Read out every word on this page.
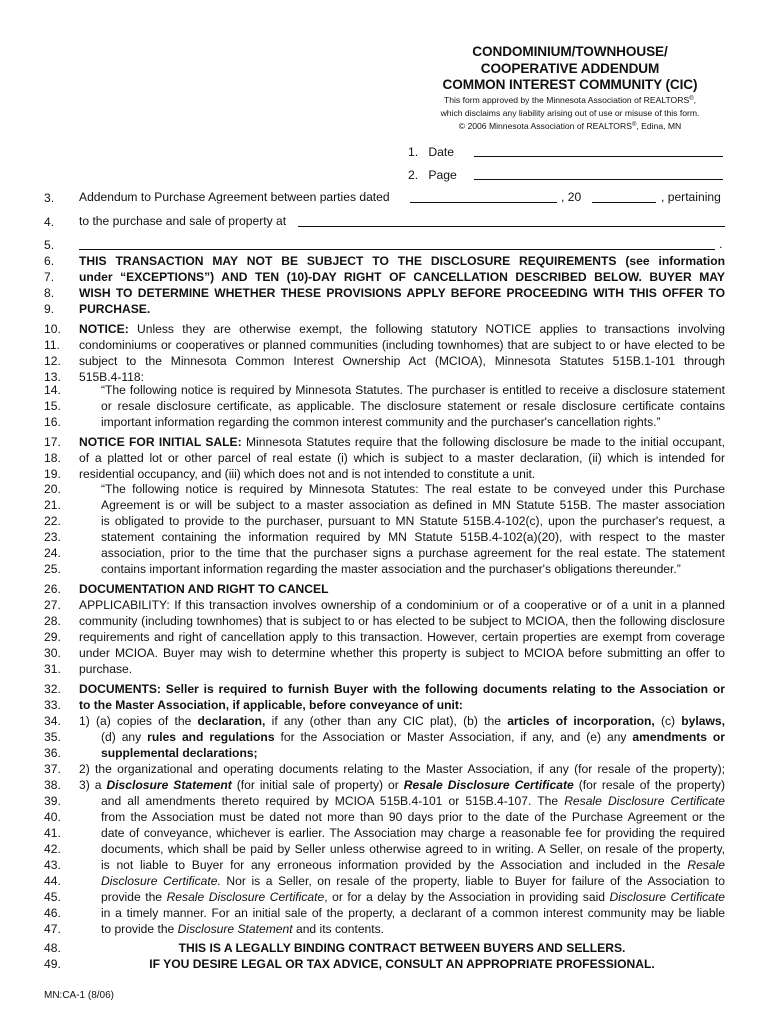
CONDOMINIUM/TOWNHOUSE/
COOPERATIVE ADDENDUM
COMMON INTEREST COMMUNITY (CIC)
This form approved by the Minnesota Association of REALTORS®,
which disclaims any liability arising out of use or misuse of this form.
© 2006 Minnesota Association of REALTORS®, Edina, MN
1. Date
2. Page
3.	Addendum to Purchase Agreement between parties dated	, 20	, pertaining
4.	to the purchase and sale of property at
5.	.
6.	THIS TRANSACTION MAY NOT BE SUBJECT TO THE DISCLOSURE REQUIREMENTS (see information
7.	under “EXCEPTIONS”) AND TEN (10)-DAY RIGHT OF CANCELLATION DESCRIBED BELOW. BUYER MAY
8.	WISH TO DETERMINE WHETHER THESE PROVISIONS APPLY BEFORE PROCEEDING WITH THIS OFFER TO
9.	PURCHASE.
10.	NOTICE: Unless they are otherwise exempt, the following statutory NOTICE applies to transactions involving
11.	condominiums or cooperatives or planned communities (including townhomes) that are subject to or have elected to be
12.	subject to the Minnesota Common Interest Ownership Act (MCIOA), Minnesota Statutes 515B.1-101 through
13.	515B.4-118:
14.	“The following notice is required by Minnesota Statutes. The purchaser is entitled to receive a disclosure statement
15.	or resale disclosure certificate, as applicable. The disclosure statement or resale disclosure certificate contains
16.	important information regarding the common interest community and the purchaser's cancellation rights.”
17.	NOTICE FOR INITIAL SALE: Minnesota Statutes require that the following disclosure be made to the initial occupant,
18.	of a platted lot or other parcel of real estate (i) which is subject to a master declaration, (ii) which is intended for
19.	residential occupancy, and (iii) which does not and is not intended to constitute a unit.
20.	“The following notice is required by Minnesota Statutes: The real estate to be conveyed under this Purchase
21.	Agreement is or will be subject to a master association as defined in MN Statute 515B. The master association
22.	is obligated to provide to the purchaser, pursuant to MN Statute 515B.4-102(c), upon the purchaser's request, a
23.	statement containing the information required by MN Statute 515B.4-102(a)(20), with respect to the master
24.	association, prior to the time that the purchaser signs a purchase agreement for the real estate. The statement
25.	contains important information regarding the master association and the purchaser's obligations thereunder.”
26.	DOCUMENTATION AND RIGHT TO CANCEL
27.	APPLICABILITY: If this transaction involves ownership of a condominium or of a cooperative or of a unit in a planned
28.	community (including townhomes) that is subject to or has elected to be subject to MCIOA, then the following disclosure
29.	requirements and right of cancellation apply to this transaction. However, certain properties are exempt from coverage
30.	under MCIOA. Buyer may wish to determine whether this property is subject to MCIOA before submitting an offer to
31.	purchase.
32.	DOCUMENTS: Seller is required to furnish Buyer with the following documents relating to the Association or
33.	to the Master Association, if applicable, before conveyance of unit:
34.	1) (a) copies of the declaration, if any (other than any CIC plat), (b) the articles of incorporation, (c) bylaws,
35.	(d) any rules and regulations for the Association or Master Association, if any, and (e) any amendments or
36.	supplemental declarations;
37.	2) the organizational and operating documents relating to the Master Association, if any (for resale of the property);
38.	3) a Disclosure Statement (for initial sale of property) or Resale Disclosure Certificate (for resale of the property)
39.	and all amendments thereto required by MCIOA 515B.4-101 or 515B.4-107. The Resale Disclosure Certificate
40.	from the Association must be dated not more than 90 days prior to the date of the Purchase Agreement or the
41.	date of conveyance, whichever is earlier. The Association may charge a reasonable fee for providing the required
42.	documents, which shall be paid by Seller unless otherwise agreed to in writing. A Seller, on resale of the property,
43.	is not liable to Buyer for any erroneous information provided by the Association and included in the Resale
44.	Disclosure Certificate. Nor is a Seller, on resale of the property, liable to Buyer for failure of the Association to
45.	provide the Resale Disclosure Certificate, or for a delay by the Association in providing said Disclosure Certificate
46.	in a timely manner. For an initial sale of the property, a declarant of a common interest community may be liable
47.	to provide the Disclosure Statement and its contents.
48.	THIS IS A LEGALLY BINDING CONTRACT BETWEEN BUYERS AND SELLERS.
49.	IF YOU DESIRE LEGAL OR TAX ADVICE, CONSULT AN APPROPRIATE PROFESSIONAL.
MN:CA-1 (8/06)
